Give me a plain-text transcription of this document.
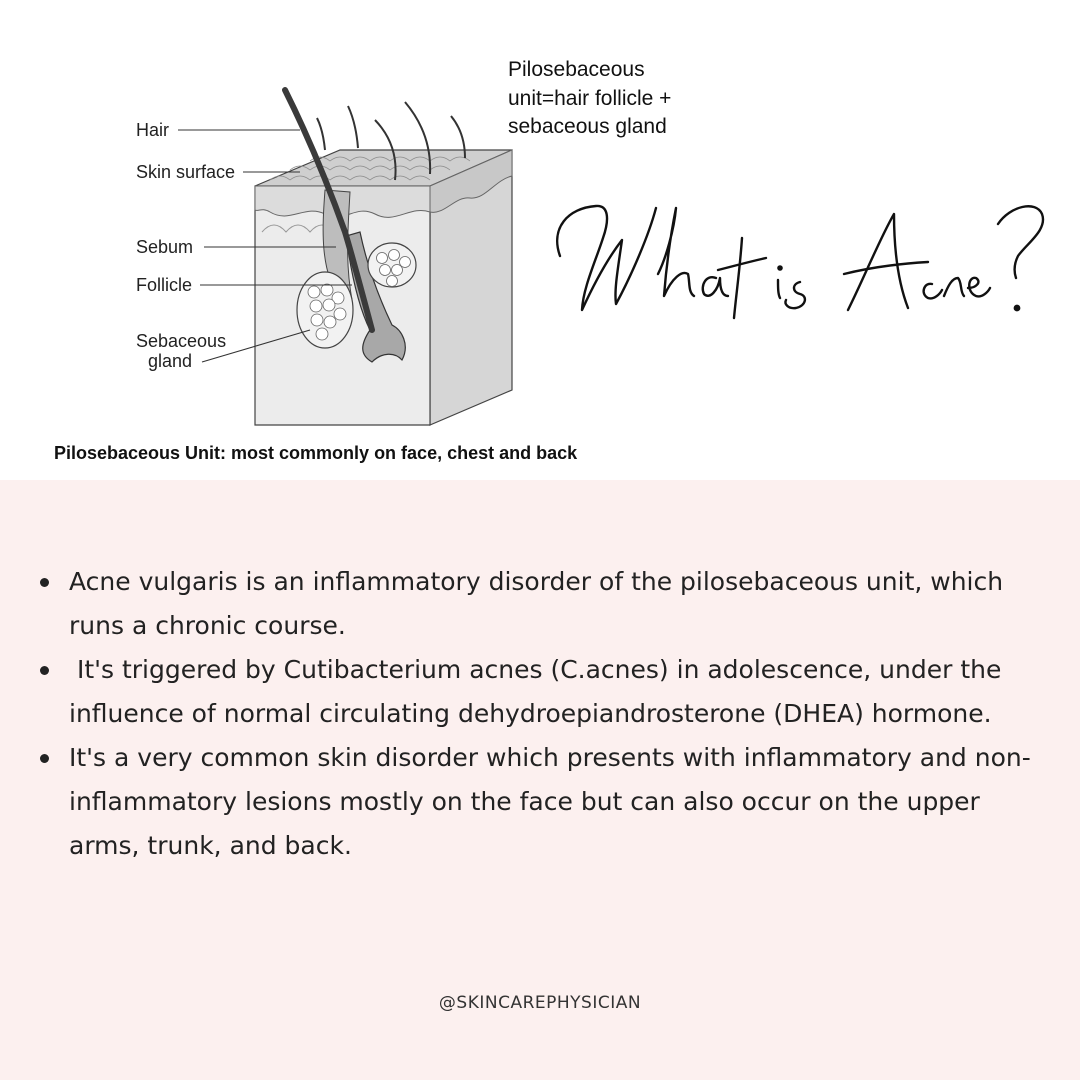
Hair
Skin surface
Sebum
Follicle
Sebaceous
gland
Pilosebaceous
unit=hair follicle +
sebaceous gland
Pilosebaceous Unit: most commonly on face, chest and back
Acne vulgaris is an inflammatory disorder of the pilosebaceous unit, which runs a chronic course.
It's triggered by Cutibacterium acnes (C.acnes) in adolescence, under the influence of normal circulating dehydroepiandrosterone (DHEA) hormone.
It's a very common skin disorder which presents with inflammatory and non-inflammatory lesions mostly on the face but can also occur on the upper arms, trunk, and back.
@SKINCAREPHYSICIAN
